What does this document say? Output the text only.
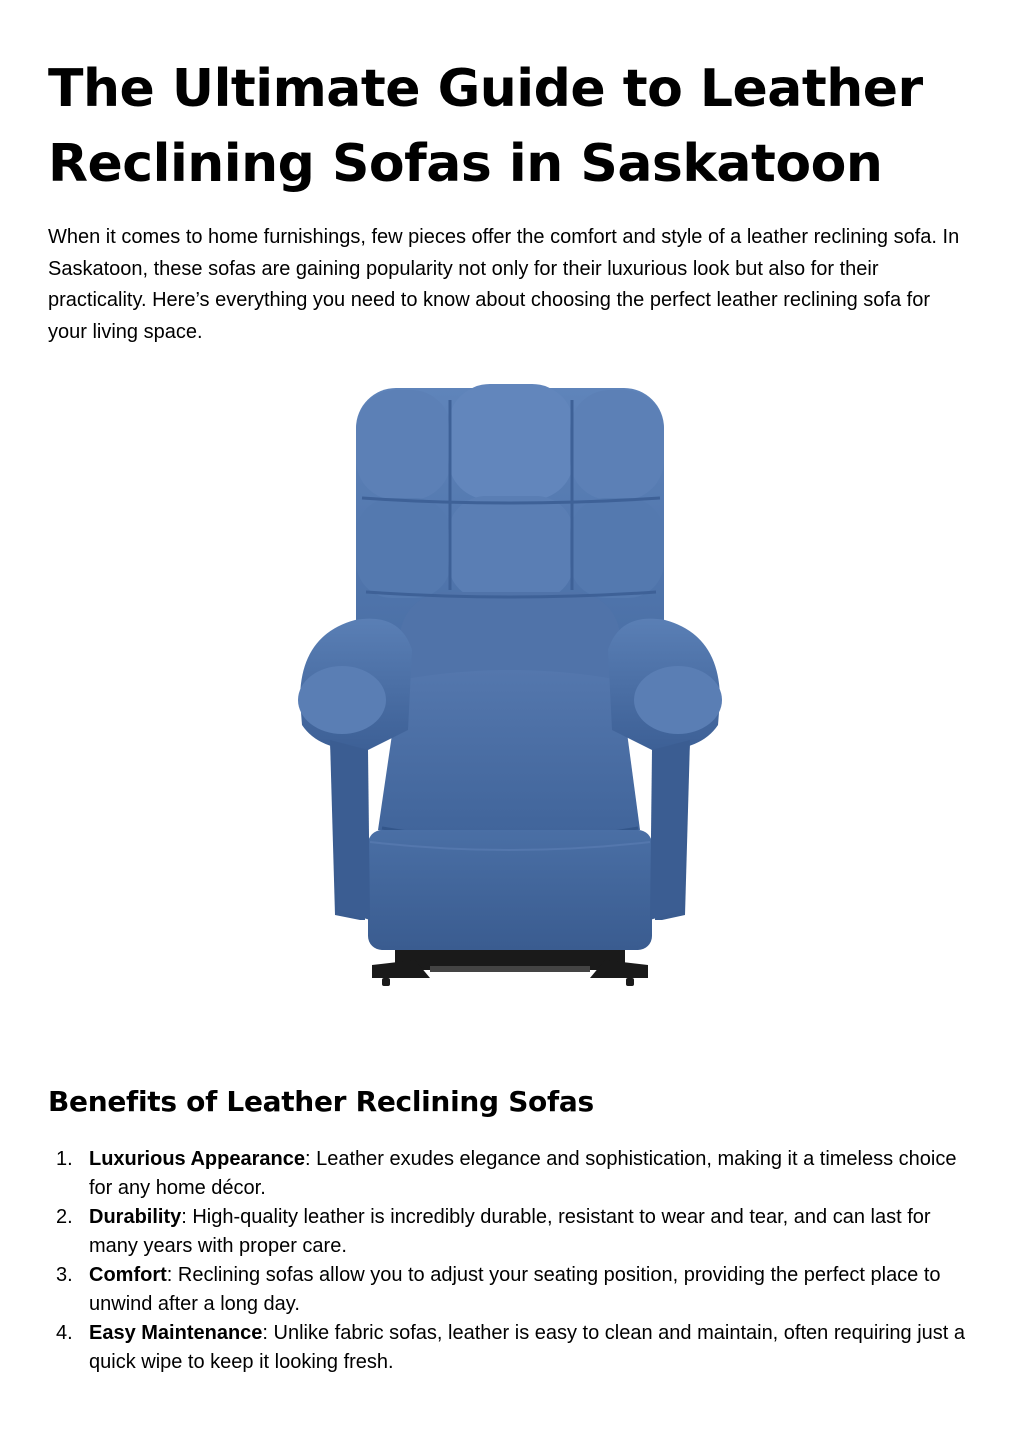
The Ultimate Guide to Leather Reclining Sofas in Saskatoon

When it comes to home furnishings, few pieces offer the comfort and style of a leather reclining sofa. In Saskatoon, these sofas are gaining popularity not only for their luxurious look but also for their practicality. Here’s everything you need to know about choosing the perfect leather reclining sofa for your living space.

Benefits of Leather Reclining Sofas
1. Luxurious Appearance: Leather exudes elegance and sophistication, making it a timeless choice for any home décor.
2. Durability: High-quality leather is incredibly durable, resistant to wear and tear, and can last for many years with proper care.
3. Comfort: Reclining sofas allow you to adjust your seating position, providing the perfect place to unwind after a long day.
4. Easy Maintenance: Unlike fabric sofas, leather is easy to clean and maintain, often requiring just a quick wipe to keep it looking fresh.
